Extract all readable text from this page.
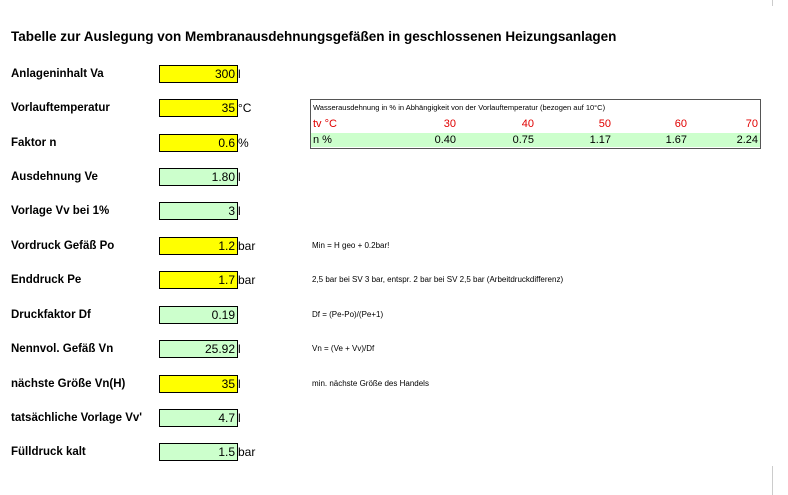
Tabelle zur Auslegung von Membranausdehnungsgefäßen in geschlossenen Heizungsanlagen
Anlageninhalt Va	300 l
Vorlauftemperatur	35 °C
Faktor n	0.6 %
Ausdehnung Ve	1.80 l
Vorlage Vv bei 1%	3 l
Vordruck Gefäß Po	1.2 bar	Min = H geo + 0.2bar!
Enddruck Pe	1.7 bar	2,5 bar bei SV 3 bar, entspr. 2 bar bei SV 2,5 bar (Arbeitdruckdifferenz)
Druckfaktor Df	0.19	Df = (Pe-Po)/(Pe+1)
Nennvol. Gefäß Vn	25.92 l	Vn = (Ve + Vv)/Df
nächste Größe Vn(H)	35 l	min. nächste Größe des Handels
tatsächliche Vorlage Vv'	4.7 l
Fülldruck kalt	1.5 bar
Wasserausdehnung in % in Abhängigkeit von der Vorlauftemperatur (bezogen auf 10°C)
tv °C	30	40	50	60	70
n %	0.40	0.75	1.17	1.67	2.24
